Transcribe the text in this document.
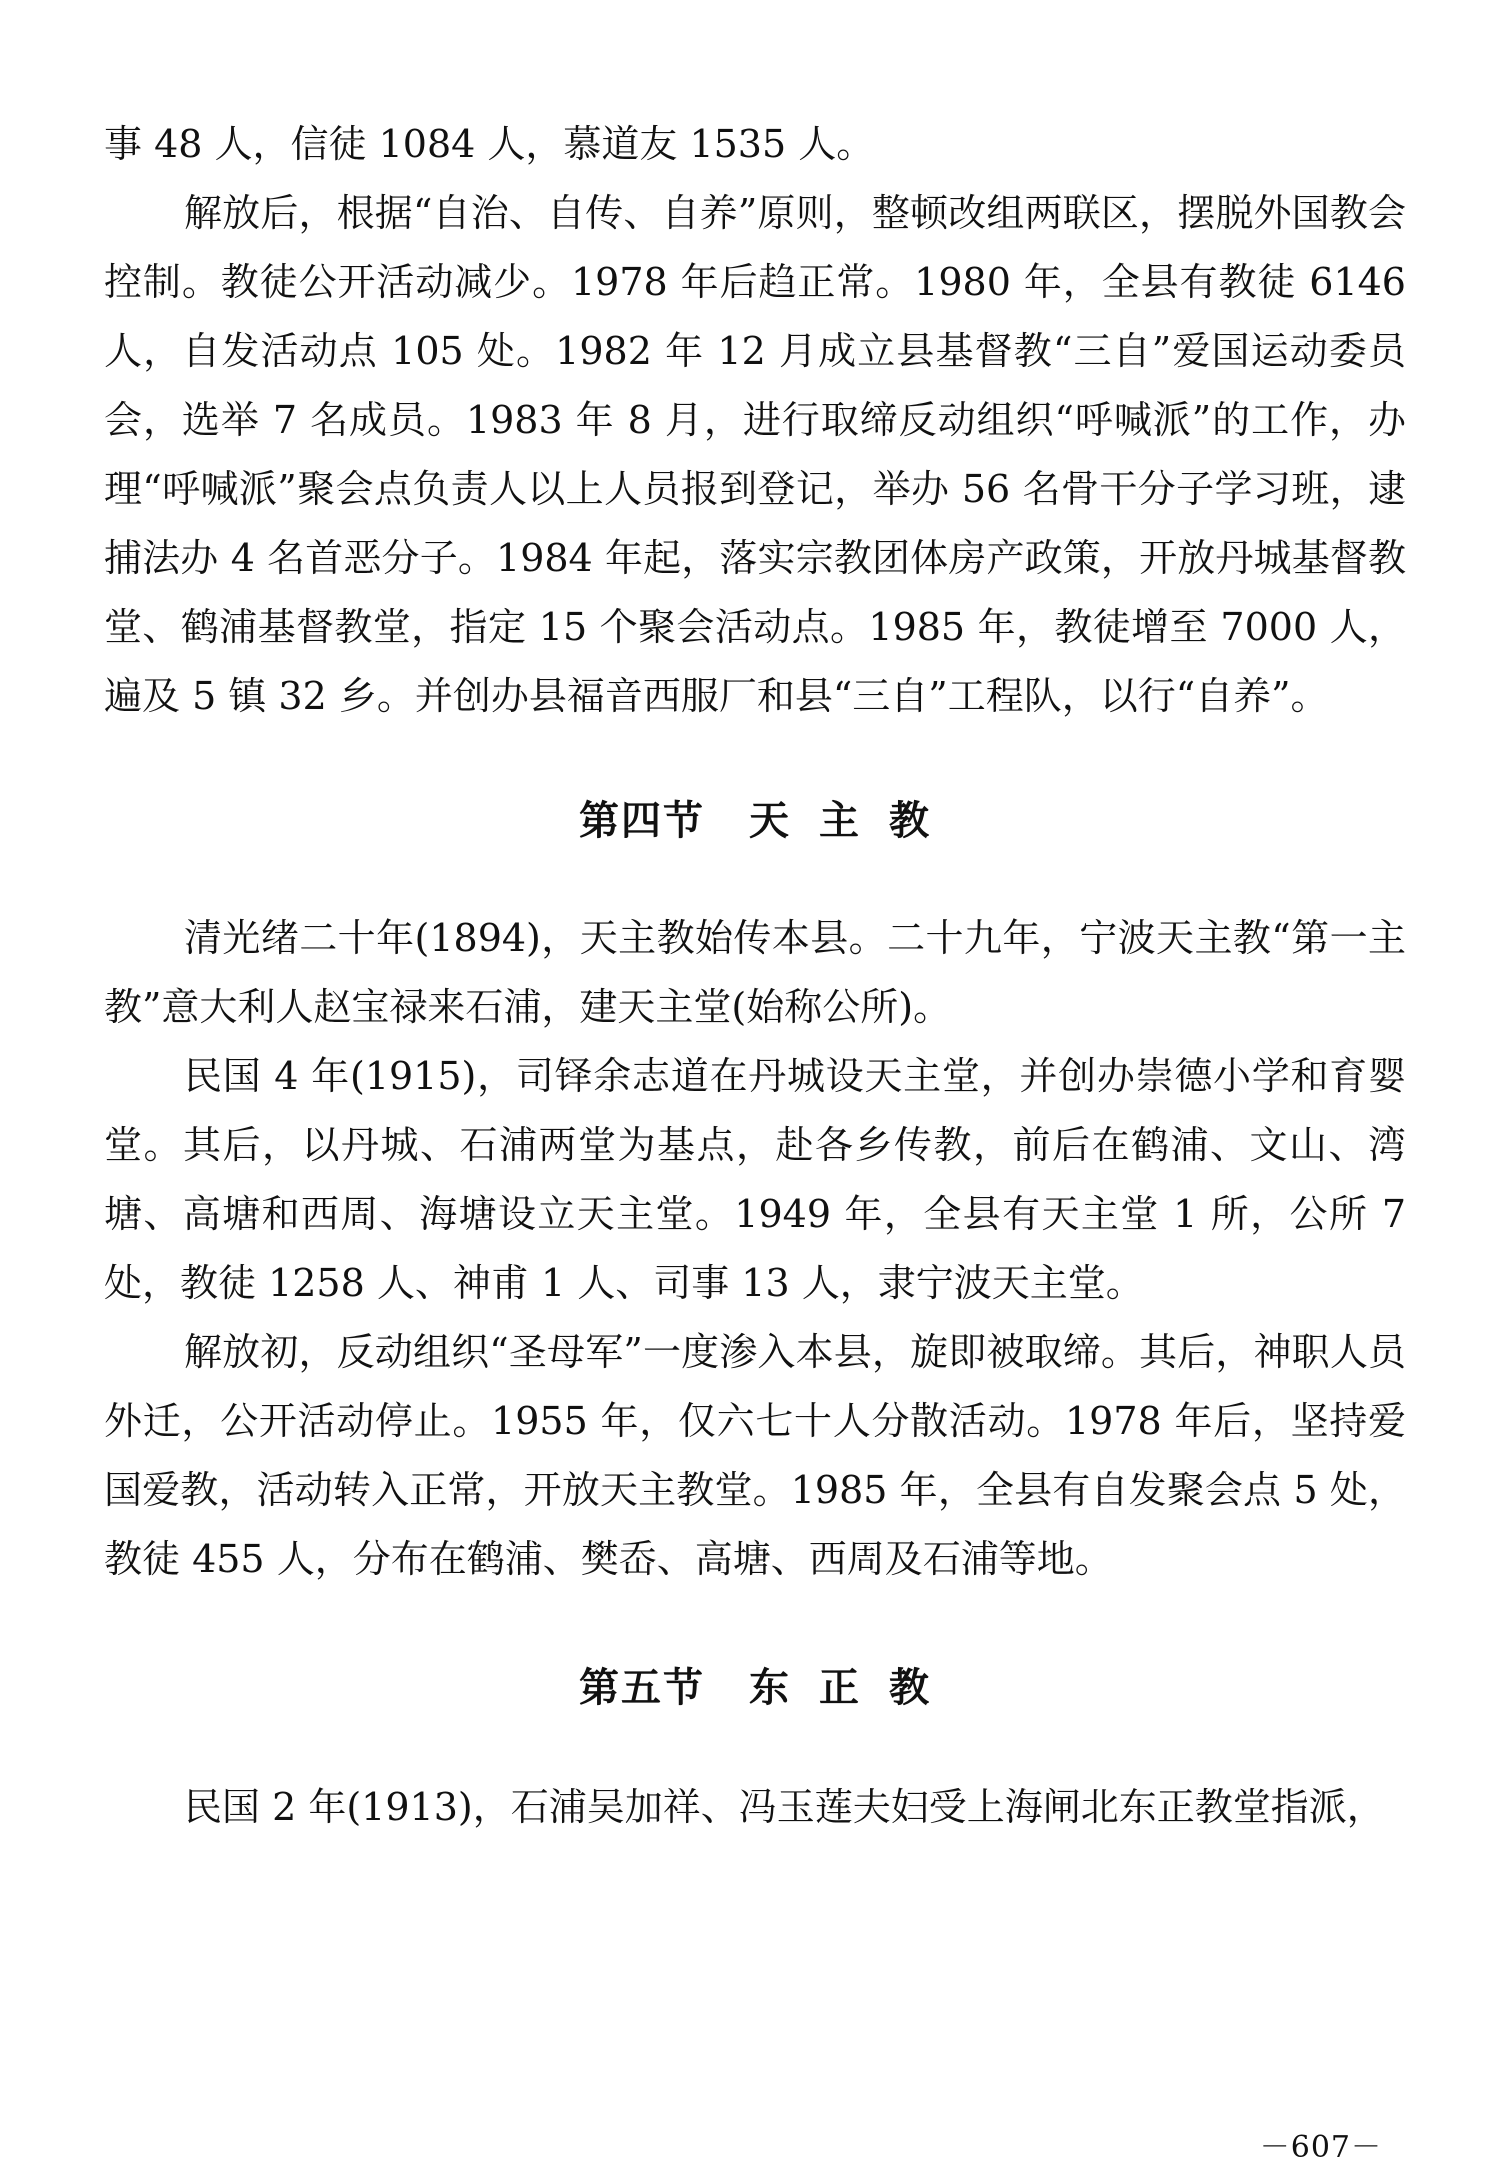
事 48 人，信徒 1084 人，慕道友 1535 人。

解放后，根据“自治、自传、自养”原则，整顿改组两联区，摆脱外国教会控制。教徒公开活动减少。1978 年后趋正常。1980 年，全县有教徒 6146 人，自发活动点 105 处。1982 年 12 月成立县基督教“三自”爱国运动委员会，选举 7 名成员。1983 年 8 月，进行取缔反动组织“呼喊派”的工作，办理“呼喊派”聚会点负责人以上人员报到登记，举办 56 名骨干分子学习班，逮捕法办 4 名首恶分子。1984 年起，落实宗教团体房产政策，开放丹城基督教堂、鹤浦基督教堂，指定 15 个聚会活动点。1985 年，教徒增至 7000 人，遍及 5 镇 32 乡。并创办县福音西服厂和县“三自”工程队，以行“自养”。

第四节 天 主 教

清光绪二十年(1894)，天主教始传本县。二十九年，宁波天主教“第一主教”意大利人赵宝禄来石浦，建天主堂(始称公所)。

民国 4 年(1915)，司铎余志道在丹城设天主堂，并创办崇德小学和育婴堂。其后，以丹城、石浦两堂为基点，赴各乡传教，前后在鹤浦、文山、湾塘、高塘和西周、海塘设立天主堂。1949 年，全县有天主堂 1 所，公所 7 处，教徒 1258 人、神甫 1 人、司事 13 人，隶宁波天主堂。

解放初，反动组织“圣母军”一度渗入本县，旋即被取缔。其后，神职人员外迁，公开活动停止。1955 年，仅六七十人分散活动。1978 年后，坚持爱国爱教，活动转入正常，开放天主教堂。1985 年，全县有自发聚会点 5 处，教徒 455 人，分布在鹤浦、樊岙、高塘、西周及石浦等地。

第五节 东 正 教

民国 2 年(1913)，石浦吴加祥、冯玉莲夫妇受上海闸北东正教堂指派，

－607－
